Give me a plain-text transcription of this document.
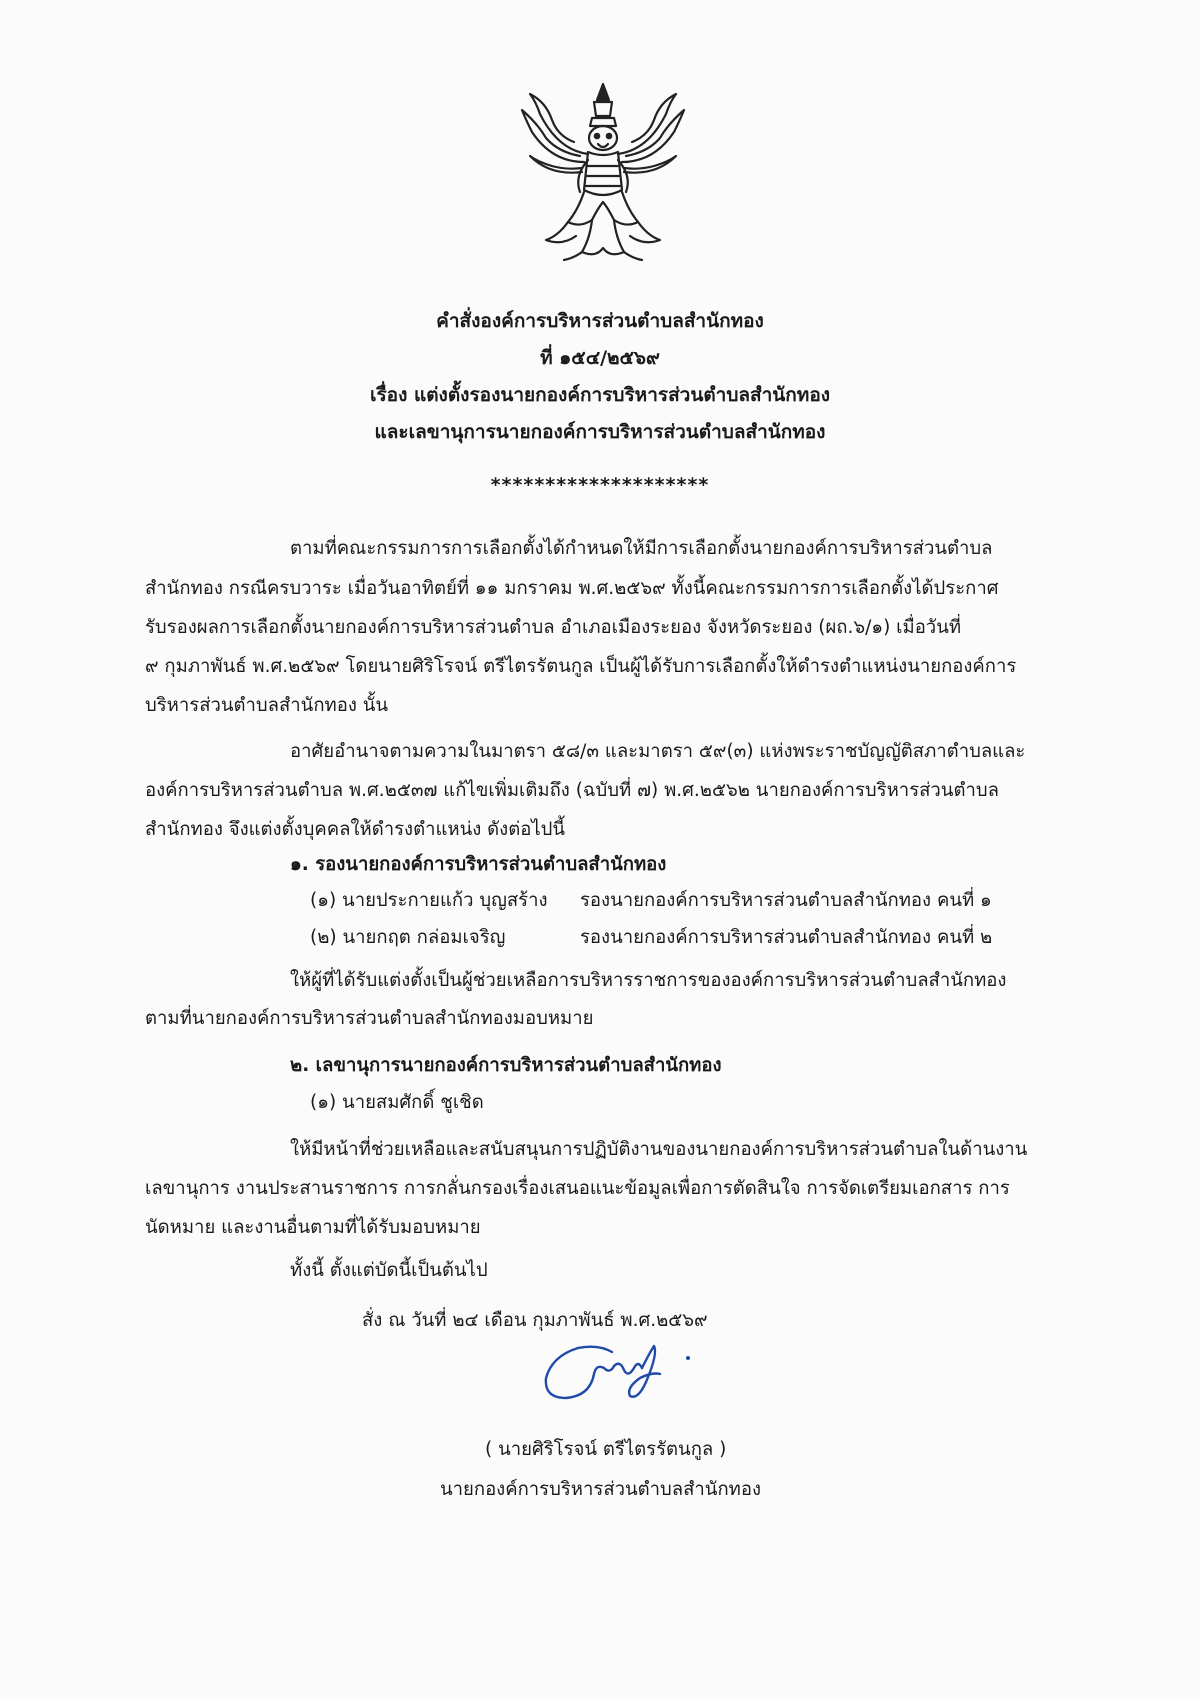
คำสั่งองค์การบริหารส่วนตำบลสำนักทอง
ที่ ๑๕๔/๒๕๖๙
เรื่อง แต่งตั้งรองนายกองค์การบริหารส่วนตำบลสำนักทอง
และเลขานุการนายกองค์การบริหารส่วนตำบลสำนักทอง
********************
ตามที่คณะกรรมการการเลือกตั้งได้กำหนดให้มีการเลือกตั้งนายกองค์การบริหารส่วนตำบล
สำนักทอง กรณีครบวาระ เมื่อวันอาทิตย์ที่ ๑๑ มกราคม พ.ศ.๒๕๖๙ ทั้งนี้คณะกรรมการการเลือกตั้งได้ประกาศ
รับรองผลการเลือกตั้งนายกองค์การบริหารส่วนตำบล อำเภอเมืองระยอง จังหวัดระยอง (ผถ.๖/๑) เมื่อวันที่
๙ กุมภาพันธ์ พ.ศ.๒๕๖๙ โดยนายศิริโรจน์ ตรีไตรรัตนกูล เป็นผู้ได้รับการเลือกตั้งให้ดำรงตำแหน่งนายกองค์การ
บริหารส่วนตำบลสำนักทอง นั้น
อาศัยอำนาจตามความในมาตรา ๕๘/๓ และมาตรา ๕๙(๓) แห่งพระราชบัญญัติสภาตำบลและ
องค์การบริหารส่วนตำบล พ.ศ.๒๕๓๗ แก้ไขเพิ่มเติมถึง (ฉบับที่ ๗) พ.ศ.๒๕๖๒ นายกองค์การบริหารส่วนตำบล
สำนักทอง จึงแต่งตั้งบุคคลให้ดำรงตำแหน่ง ดังต่อไปนี้
๑. รองนายกองค์การบริหารส่วนตำบลสำนักทอง
(๑) นายประกายแก้ว บุญสร้าง รองนายกองค์การบริหารส่วนตำบลสำนักทอง คนที่ ๑
(๒) นายกฤต กล่อมเจริญ	รองนายกองค์การบริหารส่วนตำบลสำนักทอง คนที่ ๒
ให้ผู้ที่ได้รับแต่งตั้งเป็นผู้ช่วยเหลือการบริหารราชการขององค์การบริหารส่วนตำบลสำนักทอง
ตามที่นายกองค์การบริหารส่วนตำบลสำนักทองมอบหมาย
๒. เลขานุการนายกองค์การบริหารส่วนตำบลสำนักทอง
(๑) นายสมศักดิ์ ชูเชิด
ให้มีหน้าที่ช่วยเหลือและสนับสนุนการปฏิบัติงานของนายกองค์การบริหารส่วนตำบลในด้านงาน
เลขานุการ งานประสานราชการ การกลั่นกรองเรื่องเสนอแนะข้อมูลเพื่อการตัดสินใจ การจัดเตรียมเอกสาร การ
นัดหมาย และงานอื่นตามที่ได้รับมอบหมาย
ทั้งนี้ ตั้งแต่บัดนี้เป็นต้นไป
สั่ง ณ วันที่ ๒๔ เดือน กุมภาพันธ์ พ.ศ.๒๕๖๙
( นายศิริโรจน์ ตรีไตรรัตนกูล )
นายกองค์การบริหารส่วนตำบลสำนักทอง
